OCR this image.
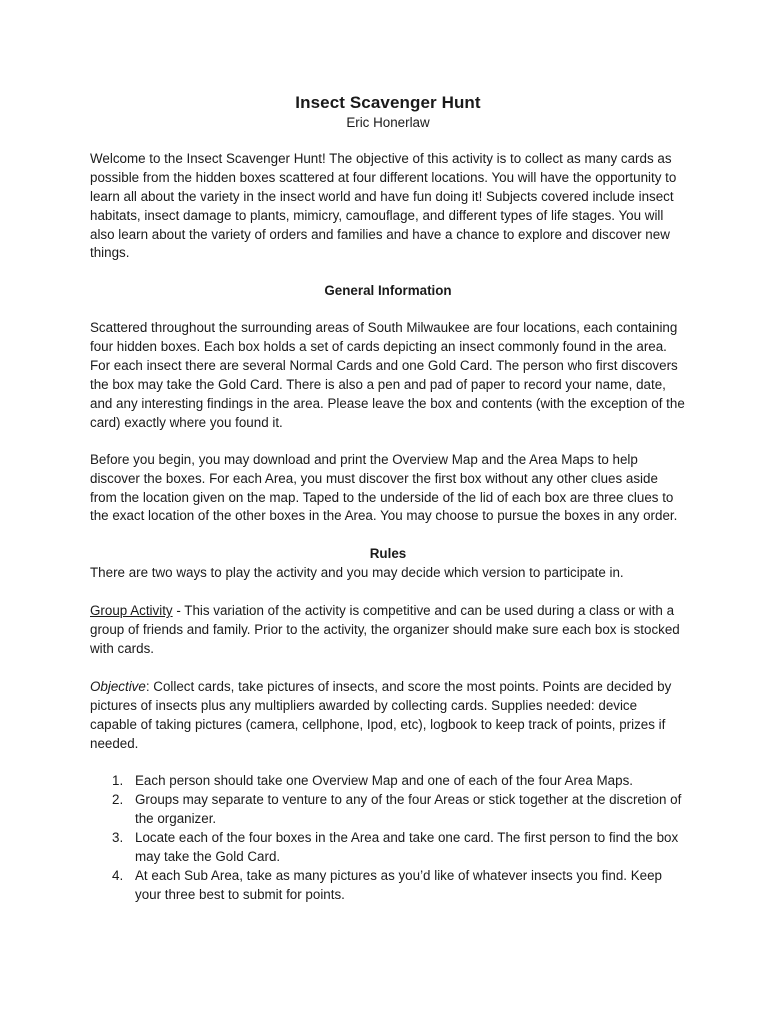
Insect Scavenger Hunt
Eric Honerlaw

Welcome to the Insect Scavenger Hunt! The objective of this activity is to collect as many cards as possible from the hidden boxes scattered at four different locations. You will have the opportunity to learn all about the variety in the insect world and have fun doing it! Subjects covered include insect habitats, insect damage to plants, mimicry, camouflage, and different types of life stages. You will also learn about the variety of orders and families and have a chance to explore and discover new things.

General Information

Scattered throughout the surrounding areas of South Milwaukee are four locations, each containing four hidden boxes. Each box holds a set of cards depicting an insect commonly found in the area. For each insect there are several Normal Cards and one Gold Card. The person who first discovers the box may take the Gold Card. There is also a pen and pad of paper to record your name, date, and any interesting findings in the area. Please leave the box and contents (with the exception of the card) exactly where you found it.

Before you begin, you may download and print the Overview Map and the Area Maps to help discover the boxes. For each Area, you must discover the first box without any other clues aside from the location given on the map. Taped to the underside of the lid of each box are three clues to the exact location of the other boxes in the Area. You may choose to pursue the boxes in any order.

Rules

There are two ways to play the activity and you may decide which version to participate in.

Group Activity - This variation of the activity is competitive and can be used during a class or with a group of friends and family. Prior to the activity, the organizer should make sure each box is stocked with cards.

Objective: Collect cards, take pictures of insects, and score the most points. Points are decided by pictures of insects plus any multipliers awarded by collecting cards. Supplies needed: device capable of taking pictures (camera, cellphone, Ipod, etc), logbook to keep track of points, prizes if needed.

1. Each person should take one Overview Map and one of each of the four Area Maps.
2. Groups may separate to venture to any of the four Areas or stick together at the discretion of the organizer.
3. Locate each of the four boxes in the Area and take one card. The first person to find the box may take the Gold Card.
4. At each Sub Area, take as many pictures as you’d like of whatever insects you find. Keep your three best to submit for points.
